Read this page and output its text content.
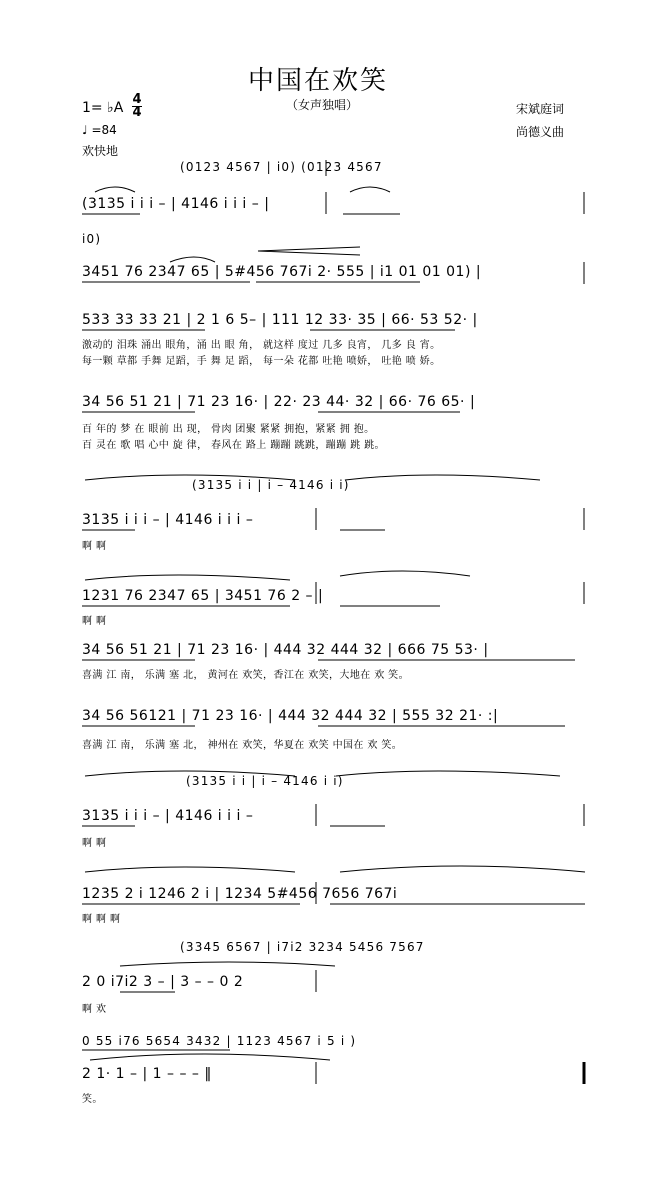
中国在欢笑
（女声独唱）
1= ♭A
4
4
♩ =84
欢快地
宋斌庭词
尚德义曲
(0123 4567 | i0) (0123 4567
(3135 i i i – | 4146 i i i – |
i0)
3451 76 2347 65 | 5#456 767i 2· 555 | i1 01 01 01) |
533 33 33 21 | 2 1 6 5– | 111 12 33· 35 | 66· 53 52· |
激动的 泪珠 涌出 眼角，涌 出 眼 角， 就这样 度过 几多 良宵， 几多 良 宵。
每一颗 草都 手舞 足蹈，手 舞 足 蹈， 每一朵 花都 吐艳 喷娇， 吐艳 喷 娇。
34 56 51 21 | 71 23 16· | 22· 23 44· 32 | 66· 76 65· |
百 年的 梦 在 眼前 出 现， 骨肉 团聚 紧紧 拥抱，紧紧 拥 抱。
百 灵在 歌 唱 心中 旋 律， 春风在 路上 蹦蹦 跳跳，蹦蹦 跳 跳。
(3135 i i | i – 4146 i i)
3135 i i i – | 4146 i i i –
啊 啊
1231 76 2347 65 | 3451 76 2 – |
啊 啊
34 56 51 21 | 71 23 16· | 444 32 444 32 | 666 75 53· |
喜满 江 南， 乐满 塞 北， 黄河在 欢笑，香江在 欢笑，大地在 欢 笑。
34 56 56121 | 71 23 16· | 444 32 444 32 | 555 32 21· :|
喜满 江 南， 乐满 塞 北， 神州在 欢笑，华夏在 欢笑 中国在 欢 笑。
(3135 i i | i – 4146 i i)
3135 i i i – | 4146 i i i –
啊 啊
1235 2 i 1246 2 i | 1234 5#456 7656 767i
啊 啊 啊
(3345 6567 | i7i2 3234 5456 7567
2 0 i7i2 3 – | 3 – – 0 2
啊 欢
0 55 i76 5654 3432 | 1123 4567 i 5 i )
2 1· 1 – | 1 – – – ‖
笑。
